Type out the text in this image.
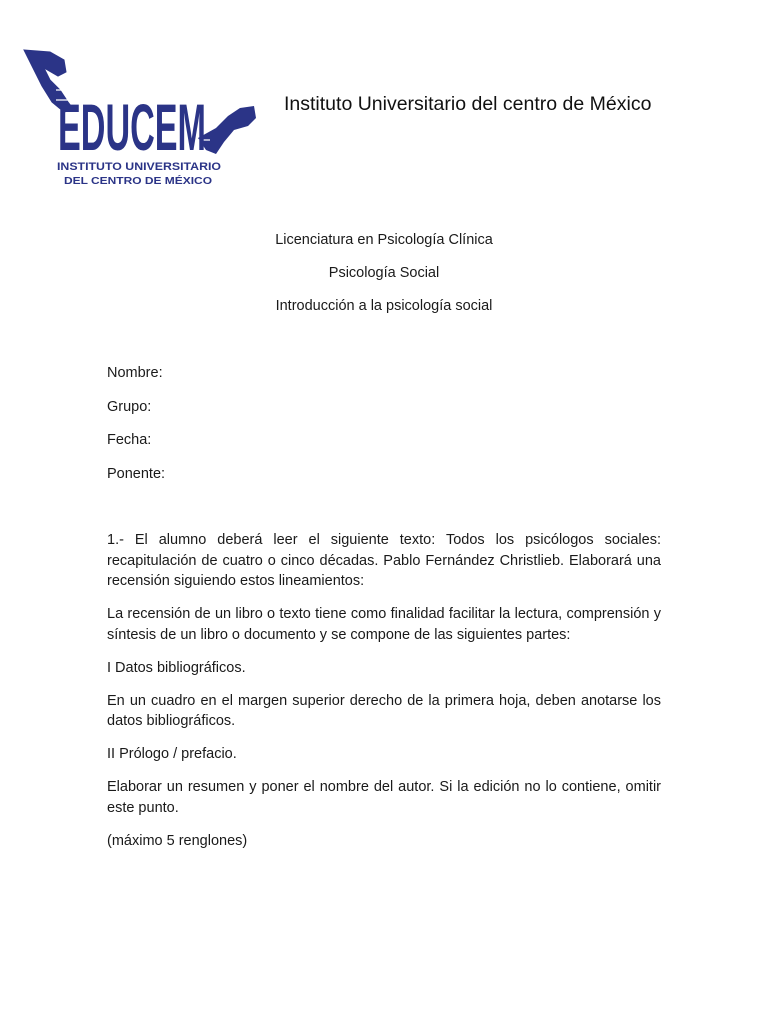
EDUCEM
INSTITUTO UNIVERSITARIO
DEL CENTRO DE MÉXICO
Instituto Universitario del centro de México
Licenciatura en Psicología Clínica
Psicología Social
Introducción a la psicología social
Nombre:
Grupo:
Fecha:
Ponente:

1.- El alumno deberá leer el siguiente texto: Todos los psicólogos sociales: recapitulación de cuatro o cinco décadas. Pablo Fernández Christlieb. Elaborará una recensión siguiendo estos lineamientos:

La recensión de un libro o texto tiene como finalidad facilitar la lectura, comprensión y síntesis de un libro o documento y se compone de las siguientes partes:

I Datos bibliográficos.

En un cuadro en el margen superior derecho de la primera hoja, deben anotarse los datos bibliográficos.

II Prólogo / prefacio.

Elaborar un resumen y poner el nombre del autor. Si la edición no lo contiene, omitir este punto.

(máximo 5 renglones)
